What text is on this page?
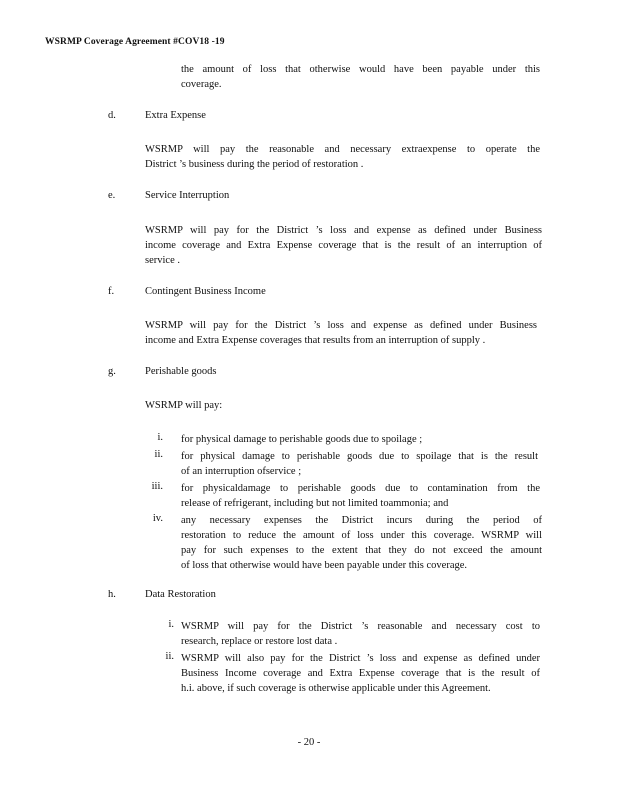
WSRMP Coverage Agreement #COV18 -19
the amount of loss that otherwise would have been payable under this
coverage.
d.	Extra Expense
WSRMP will pay the reasonable and necessary extraexpense to operate the
District ’s business during the period of restoration .
e.	Service Interruption
WSRMP will pay for the District ’s loss and expense as defined under Business
income coverage and Extra Expense coverage that is the result of an interruption of
service .
f.	Contingent Business Income
WSRMP will pay for the District ’s loss and expense as defined under Business
income and Extra Expense coverages that results from an interruption of supply .
g.	Perishable goods
WSRMP will pay:
i. for physical damage to perishable goods due to spoilage ;
ii. for physical damage to perishable goods due to spoilage that is the result
of an interruption ofservice ;
iii. for physicaldamage to perishable goods due to contamination from the
release of refrigerant, including but not limited toammonia; and
iv. any necessary expenses the District incurs during the period of
restoration to reduce the amount of loss under this coverage. WSRMP will
pay for such expenses to the extent that they do not exceed the amount
of loss that otherwise would have been payable under this coverage.
h.	Data Restoration
i. WSRMP will pay for the District ’s reasonable and necessary cost to
research, replace or restore lost data .
ii. WSRMP will also pay for the District ’s loss and expense as defined under
Business Income coverage and Extra Expense coverage that is the result of
h.i. above, if such coverage is otherwise applicable under this Agreement.
- 20 -
